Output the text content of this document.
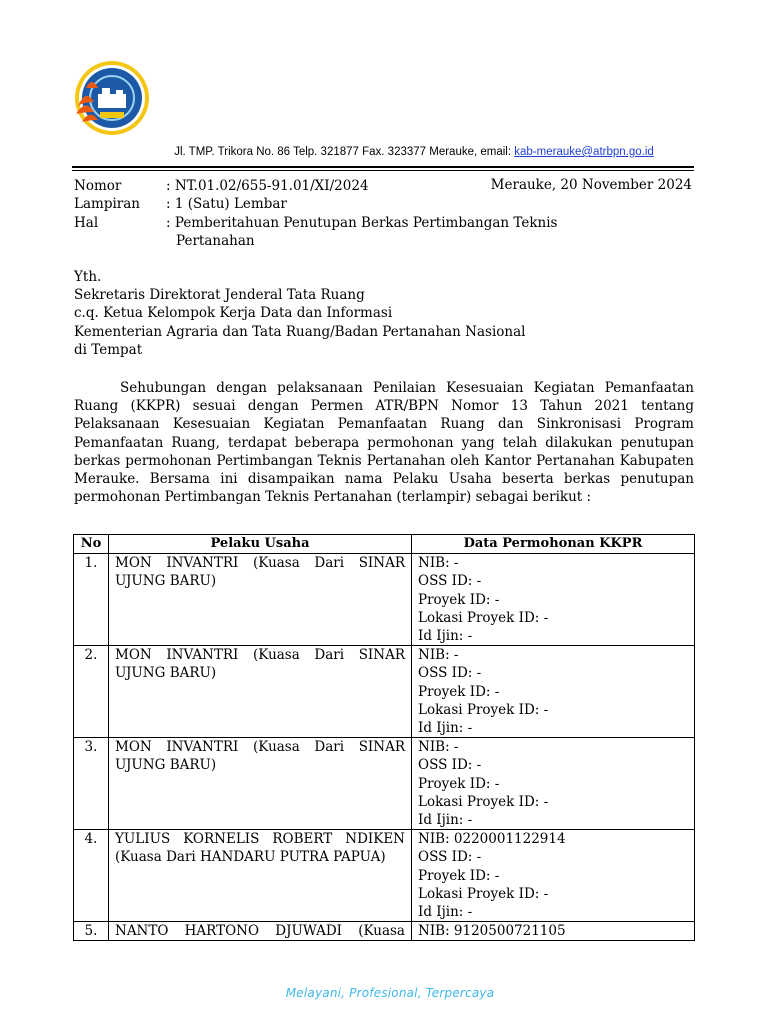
Jl. TMP. Trikora No. 86 Telp. 321877 Fax. 323377 Merauke, email: kab-merauke@atrbpn.go.id
Nomor	: NT.01.02/655-91.01/XI/2024	Merauke, 20 November 2024
Lampiran : 1 (Satu) Lembar
Hal	: Pemberitahuan Penutupan Berkas Pertimbangan Teknis
Pertanahan
Yth.
Sekretaris Direktorat Jenderal Tata Ruang
c.q. Ketua Kelompok Kerja Data dan Informasi
Kementerian Agraria dan Tata Ruang/Badan Pertanahan Nasional
di Tempat
Sehubungan dengan pelaksanaan Penilaian Kesesuaian Kegiatan Pemanfaatan Ruang (KKPR) sesuai dengan Permen ATR/BPN Nomor 13 Tahun 2021 tentang Pelaksanaan Kesesuaian Kegiatan Pemanfaatan Ruang dan Sinkronisasi Program Pemanfaatan Ruang, terdapat beberapa permohonan yang telah dilakukan penutupan berkas permohonan Pertimbangan Teknis Pertanahan oleh Kantor Pertanahan Kabupaten Merauke. Bersama ini disampaikan nama Pelaku Usaha beserta berkas penutupan permohonan Pertimbangan Teknis Pertanahan (terlampir) sebagai berikut :
No	Pelaku Usaha	Data Permohonan KKPR
1.	MON INVANTRI (Kuasa Dari SINAR UJUNG BARU)	NIB: -
OSS ID: -
Proyek ID: -
Lokasi Proyek ID: -
Id Ijin: -

2.	MON INVANTRI (Kuasa Dari SINAR UJUNG BARU)	NIB: -
OSS ID: -
Proyek ID: -
Lokasi Proyek ID: -
Id Ijin: -

3.	MON INVANTRI (Kuasa Dari SINAR UJUNG BARU)	NIB: -
OSS ID: -
Proyek ID: -
Lokasi Proyek ID: -
Id Ijin: -

4.	YULIUS KORNELIS ROBERT NDIKEN (Kuasa Dari HANDARU PUTRA PAPUA)	NIB: 0220001122914
OSS ID: -
Proyek ID: -
Lokasi Proyek ID: -
Id Ijin: -

5.	NANTO HARTONO DJUWADI (Kuasa	NIB: 9120500721105
Melayani, Profesional, Terpercaya
